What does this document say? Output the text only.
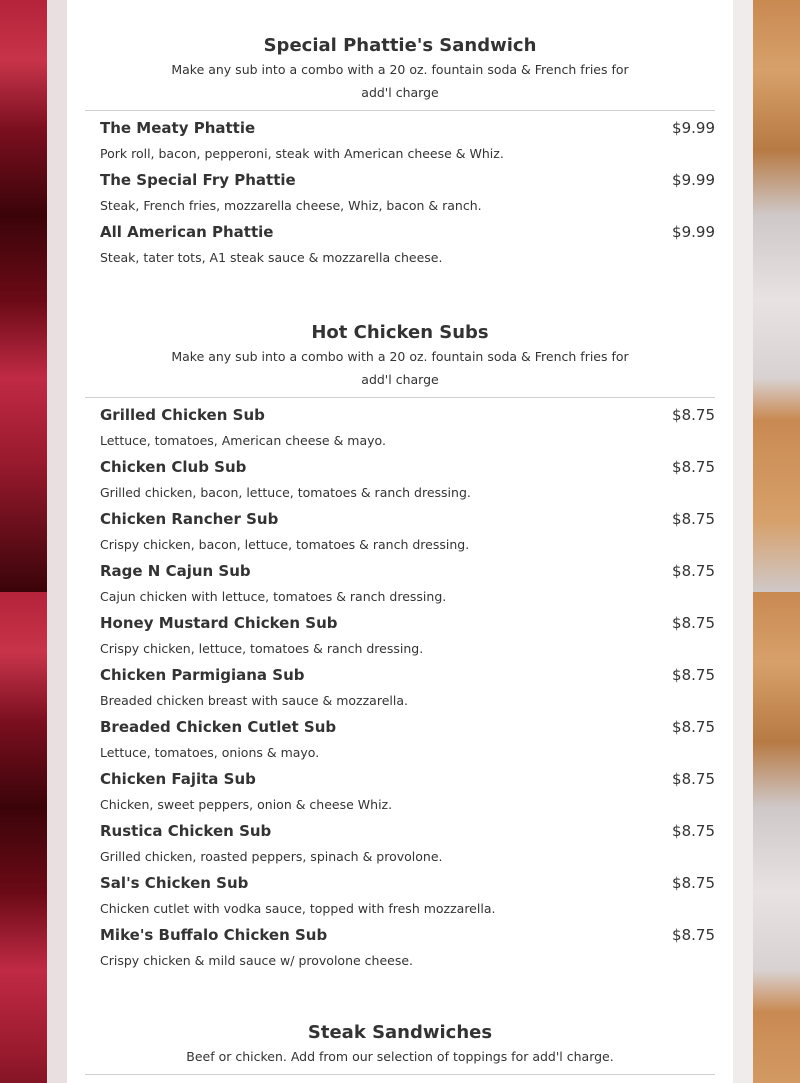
Special Phattie's Sandwich
Make any sub into a combo with a 20 oz. fountain soda & French fries for add'l charge
The Meaty Phattie	$9.99
Pork roll, bacon, pepperoni, steak with American cheese & Whiz.
The Special Fry Phattie	$9.99
Steak, French fries, mozzarella cheese, Whiz, bacon & ranch.
All American Phattie	$9.99
Steak, tater tots, A1 steak sauce & mozzarella cheese.
Hot Chicken Subs
Make any sub into a combo with a 20 oz. fountain soda & French fries for add'l charge
Grilled Chicken Sub	$8.75
Lettuce, tomatoes, American cheese & mayo.
Chicken Club Sub	$8.75
Grilled chicken, bacon, lettuce, tomatoes & ranch dressing.
Chicken Rancher Sub	$8.75
Crispy chicken, bacon, lettuce, tomatoes & ranch dressing.
Rage N Cajun Sub	$8.75
Cajun chicken with lettuce, tomatoes & ranch dressing.
Honey Mustard Chicken Sub	$8.75
Crispy chicken, lettuce, tomatoes & ranch dressing.
Chicken Parmigiana Sub	$8.75
Breaded chicken breast with sauce & mozzarella.
Breaded Chicken Cutlet Sub	$8.75
Lettuce, tomatoes, onions & mayo.
Chicken Fajita Sub	$8.75
Chicken, sweet peppers, onion & cheese Whiz.
Rustica Chicken Sub	$8.75
Grilled chicken, roasted peppers, spinach & provolone.
Sal's Chicken Sub	$8.75
Chicken cutlet with vodka sauce, topped with fresh mozzarella.
Mike's Buffalo Chicken Sub	$8.75
Crispy chicken & mild sauce w/ provolone cheese.
Steak Sandwiches
Beef or chicken. Add from our selection of toppings for add'l charge.
